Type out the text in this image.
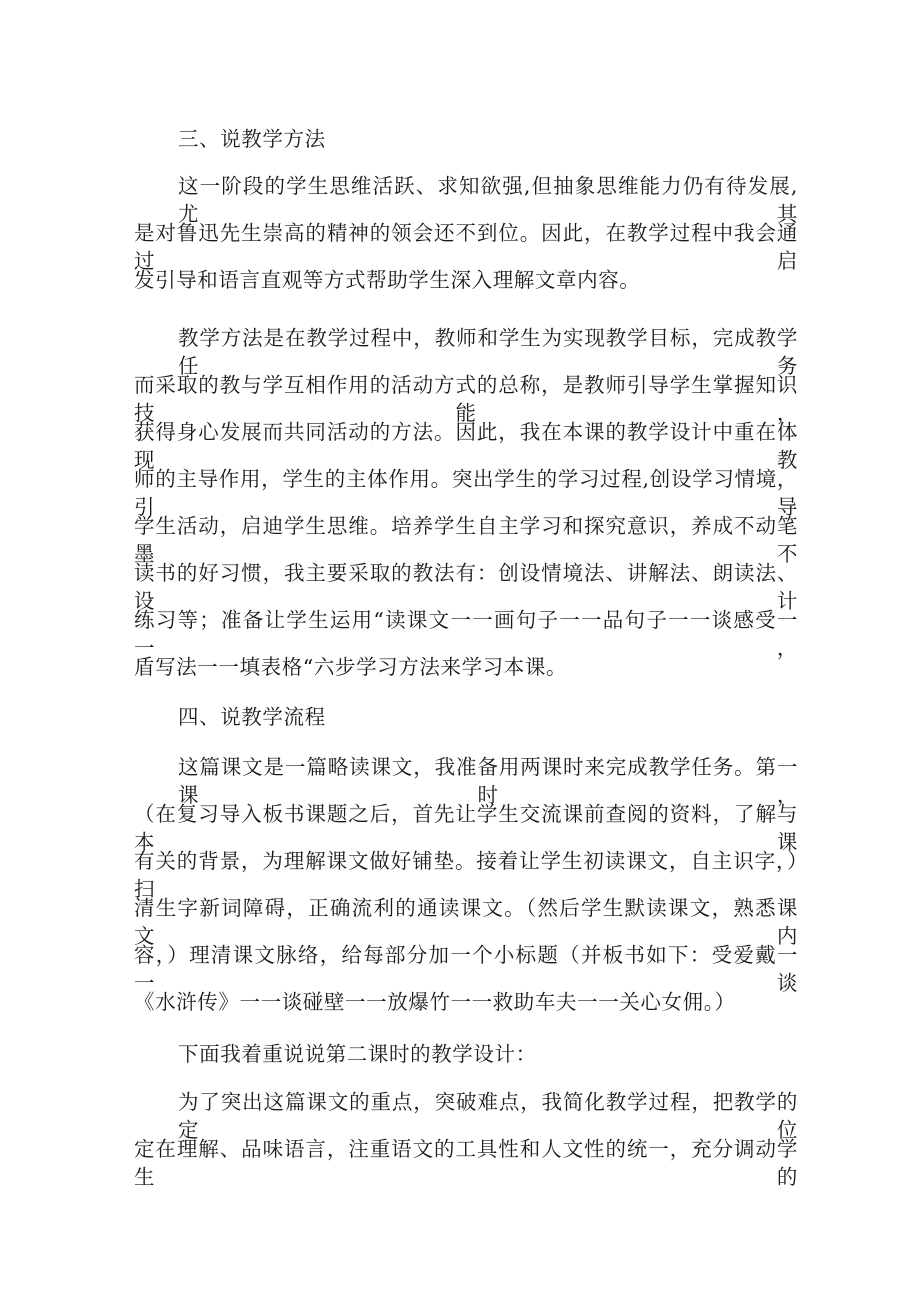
三、说教学方法
这一阶段的学生思维活跃、求知欲强,但抽象思维能力仍有待发展,尤其
是对鲁迅先生崇高的精神的领会还不到位。因此，在教学过程中我会通过启
发引导和语言直观等方式帮助学生深入理解文章内容。
教学方法是在教学过程中，教师和学生为实现教学目标，完成教学任务
而采取的教与学互相作用的活动方式的总称，是教师引导学生掌握知识技能，
获得身心发展而共同活动的方法。因此，我在本课的教学设计中重在体现教
师的主导作用，学生的主体作用。突出学生的学习过程,创设学习情境，引导
学生活动，启迪学生思维。培养学生自主学习和探究意识，养成不动笔墨不
读书的好习惯，我主要采取的教法有：创设情境法、讲解法、朗读法、设计
练习等；准备让学生运用“读课文一一画句子一一品句子一一谈感受一一，
盾写法一一填表格“六步学习方法来学习本课。
四、说教学流程
这篇课文是一篇略读课文，我准备用两课时来完成教学任务。第一课时，
（在复习导入板书课题之后，首先让学生交流课前查阅的资料，了解与本课
有关的背景，为理解课文做好铺垫。接着让学生初读课文，自主识字，）扫
清生字新词障碍，正确流利的通读课文。（然后学生默读课文，熟悉课文内
容，）理清课文脉络，给每部分加一个小标题（并板书如下：受爱戴一一谈
《水浒传》一一谈碰壁一一放爆竹一一救助车夫一一关心女佣。）
下面我着重说说第二课时的教学设计：
为了突出这篇课文的重点，突破难点，我简化教学过程，把教学的定位
定在理解、品味语言，注重语文的工具性和人文性的统一，充分调动学生的
